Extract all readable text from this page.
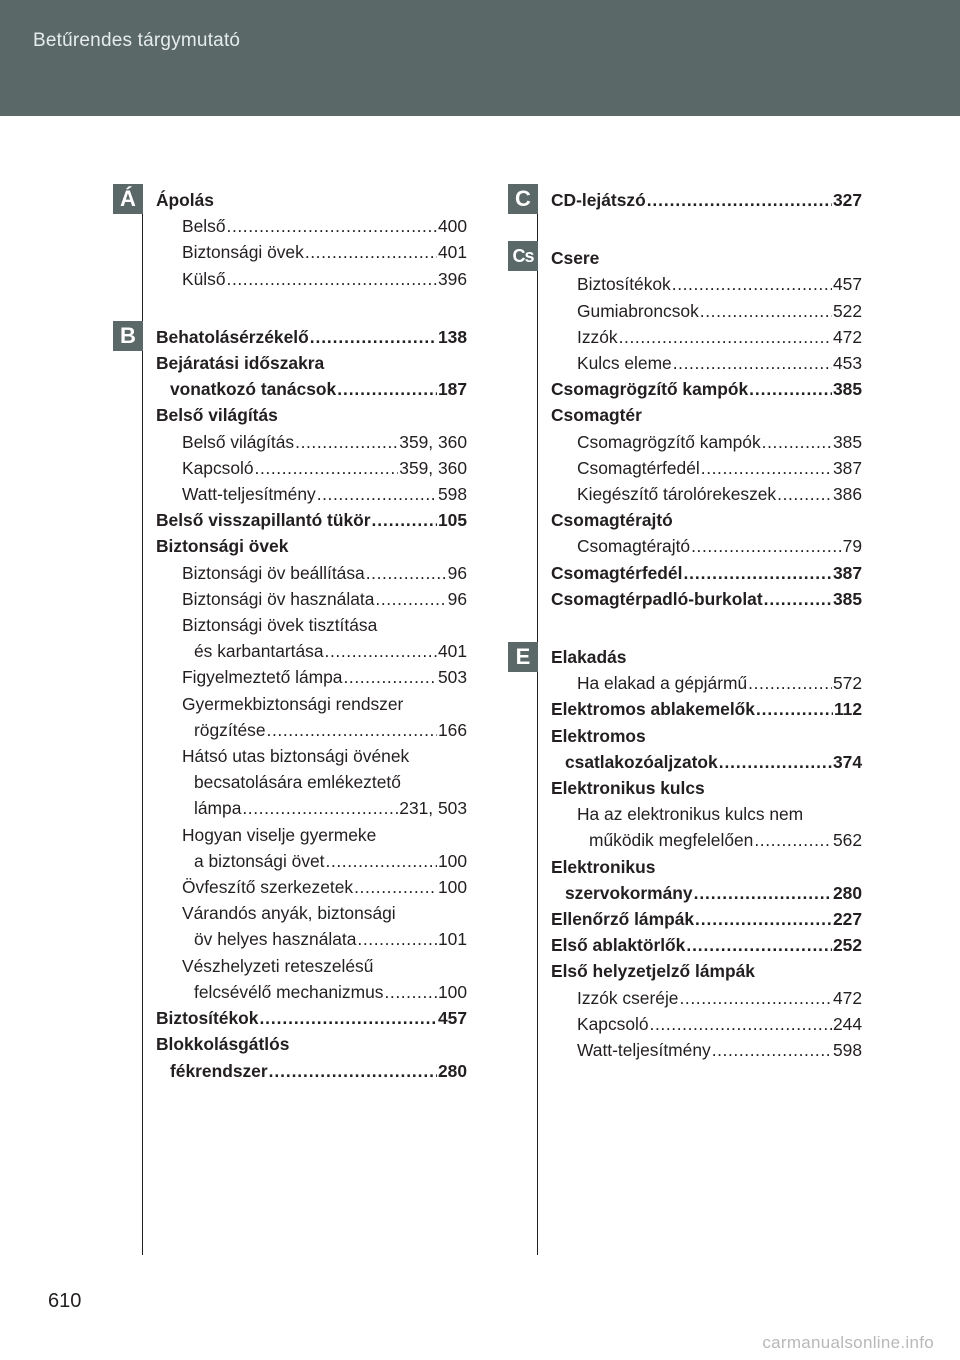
Betűrendes tárgymutató
Á
B
C
Cs
E
Ápolás
Belső .....	400
Biztonsági övek .....	401
Külső .....	396
Behatolásérzékelő .....	138
Bejáratási időszakra
vonatkozó tanácsok .....	187
Belső világítás
Belső világítás .....	359, 360
Kapcsoló .....	359, 360
Watt-teljesítmény .....	598
Belső visszapillantó tükör .....	105
Biztonsági övek
Biztonsági öv beállítása .....	96
Biztonsági öv használata .....	96
Biztonsági övek tisztítása
és karbantartása .....	401
Figyelmeztető lámpa .....	503
Gyermekbiztonsági rendszer
rögzítése .....	166
Hátsó utas biztonsági övének
becsatolására emlékeztető
lámpa .....	231, 503
Hogyan viselje gyermeke
a biztonsági övet .....	100
Övfeszítő szerkezetek .....	100
Várandós anyák, biztonsági
öv helyes használata .....	101
Vészhelyzeti reteszelésű
felcsévélő mechanizmus .....	100
Biztosítékok .....	457
Blokkolásgátlós
fékrendszer .....	280
CD-lejátszó .....	327
Csere
Biztosítékok .....	457
Gumiabroncsok .....	522
Izzók .....	472
Kulcs eleme .....	453
Csomagrögzítő kampók .....	385
Csomagtér
Csomagrögzítő kampók .....	385
Csomagtérfedél .....	387
Kiegészítő tárolórekeszek .....	386
Csomagtérajtó
Csomagtérajtó .....	79
Csomagtérfedél .....	387
Csomagtérpadló-burkolat .....	385
Elakadás
Ha elakad a gépjármű .....	572
Elektromos ablakemelők .....	112
Elektromos
csatlakozóaljzatok .....	374
Elektronikus kulcs
Ha az elektronikus kulcs nem
működik megfelelően .....	562
Elektronikus
szervokormány .....	280
Ellenőrző lámpák .....	227
Első ablaktörlők .....	252
Első helyzetjelző lámpák
Izzók cseréje .....	472
Kapcsoló .....	244
Watt-teljesítmény .....	598
610
carmanualsonline.info
